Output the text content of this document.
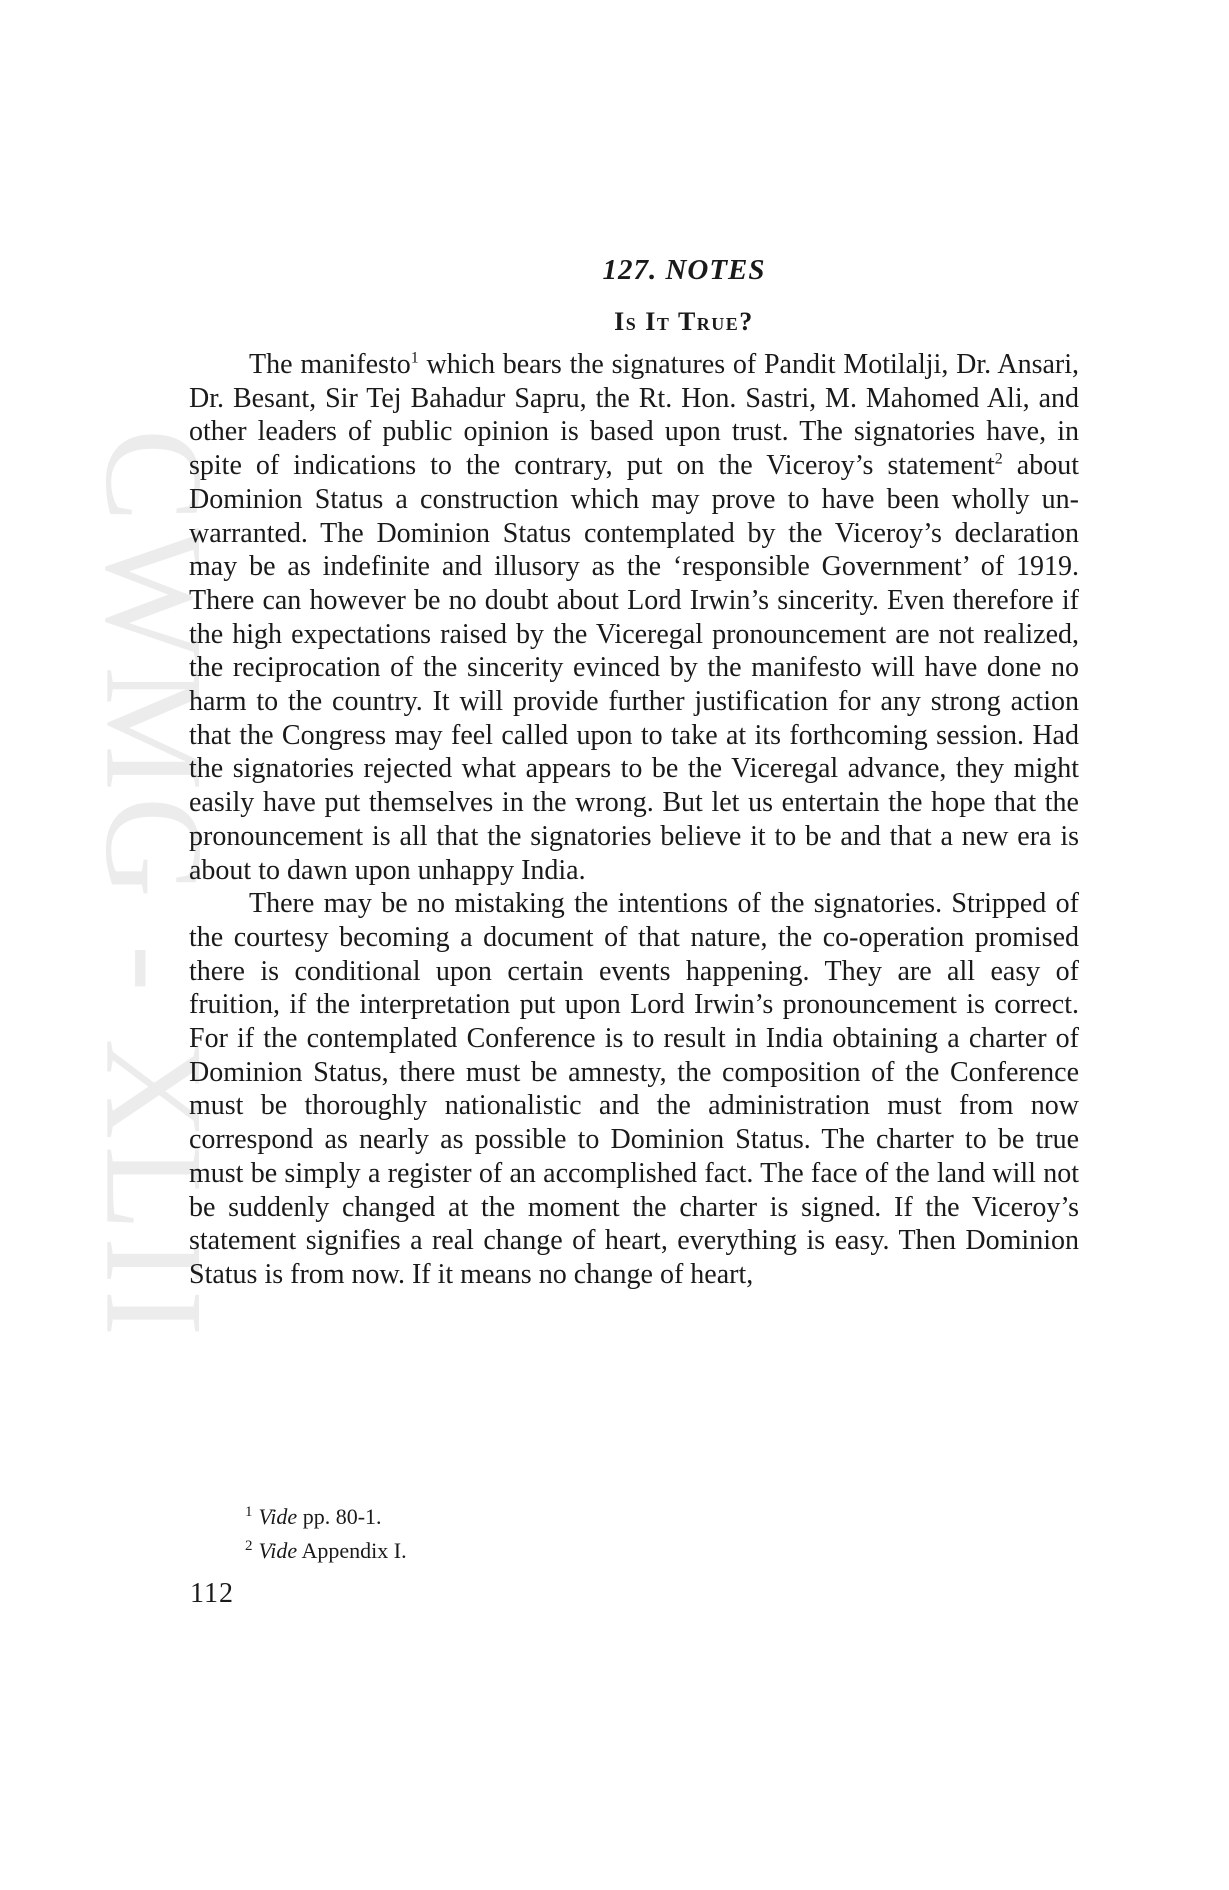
CWMG - XLII
127. NOTES
Is It True?

The manifesto$^1$ which bears the signatures of Pandit Motilalji, Dr. Ansari, Dr. Besant, Sir Tej Bahadur Sapru, the Rt. Hon. Sastri, M. Mahomed Ali, and other leaders of public opinion is based upon trust. The signatories have, in spite of indications to the contrary, put on the Viceroy’s statement$^2$ about Dominion Status a construction which may prove to have been wholly unwarranted. The Dominion Status contemplated by the Viceroy’s declaration may be as indefinite and illusory as the ‘responsible Government’ of 1919. There can however be no doubt about Lord Irwin’s sincerity. Even therefore if the high expectations raised by the Viceregal pronouncement are not realized, the reciprocation of the sincerity evinced by the manifesto will have done no harm to the country. It will provide further justification for any strong action that the Congress may feel called upon to take at its forthcoming session. Had the signatories rejected what appears to be the Viceregal advance, they might easily have put themselves in the wrong. But let us entertain the hope that the pronouncement is all that the signatories believe it to be and that a new era is about to dawn upon unhappy India.

There may be no mistaking the intentions of the signatories. Stripped of the courtesy becoming a document of that nature, the co-operation promised there is conditional upon certain events happening. They are all easy of fruition, if the interpretation put upon Lord Irwin’s pronouncement is correct. For if the contemplated Conference is to result in India obtaining a charter of Dominion Status, there must be amnesty, the composition of the Conference must be thoroughly nationalistic and the administration must from now correspond as nearly as possible to Dominion Status. The charter to be true must be simply a register of an accomplished fact. The face of the land will not be suddenly changed at the moment the charter is signed. If the Viceroy’s statement signifies a real change of heart, everything is easy. Then Dominion Status is from now. If it means no change of heart,

$^1$ Vide pp. 80-1.
$^2$ Vide Appendix I.
112
